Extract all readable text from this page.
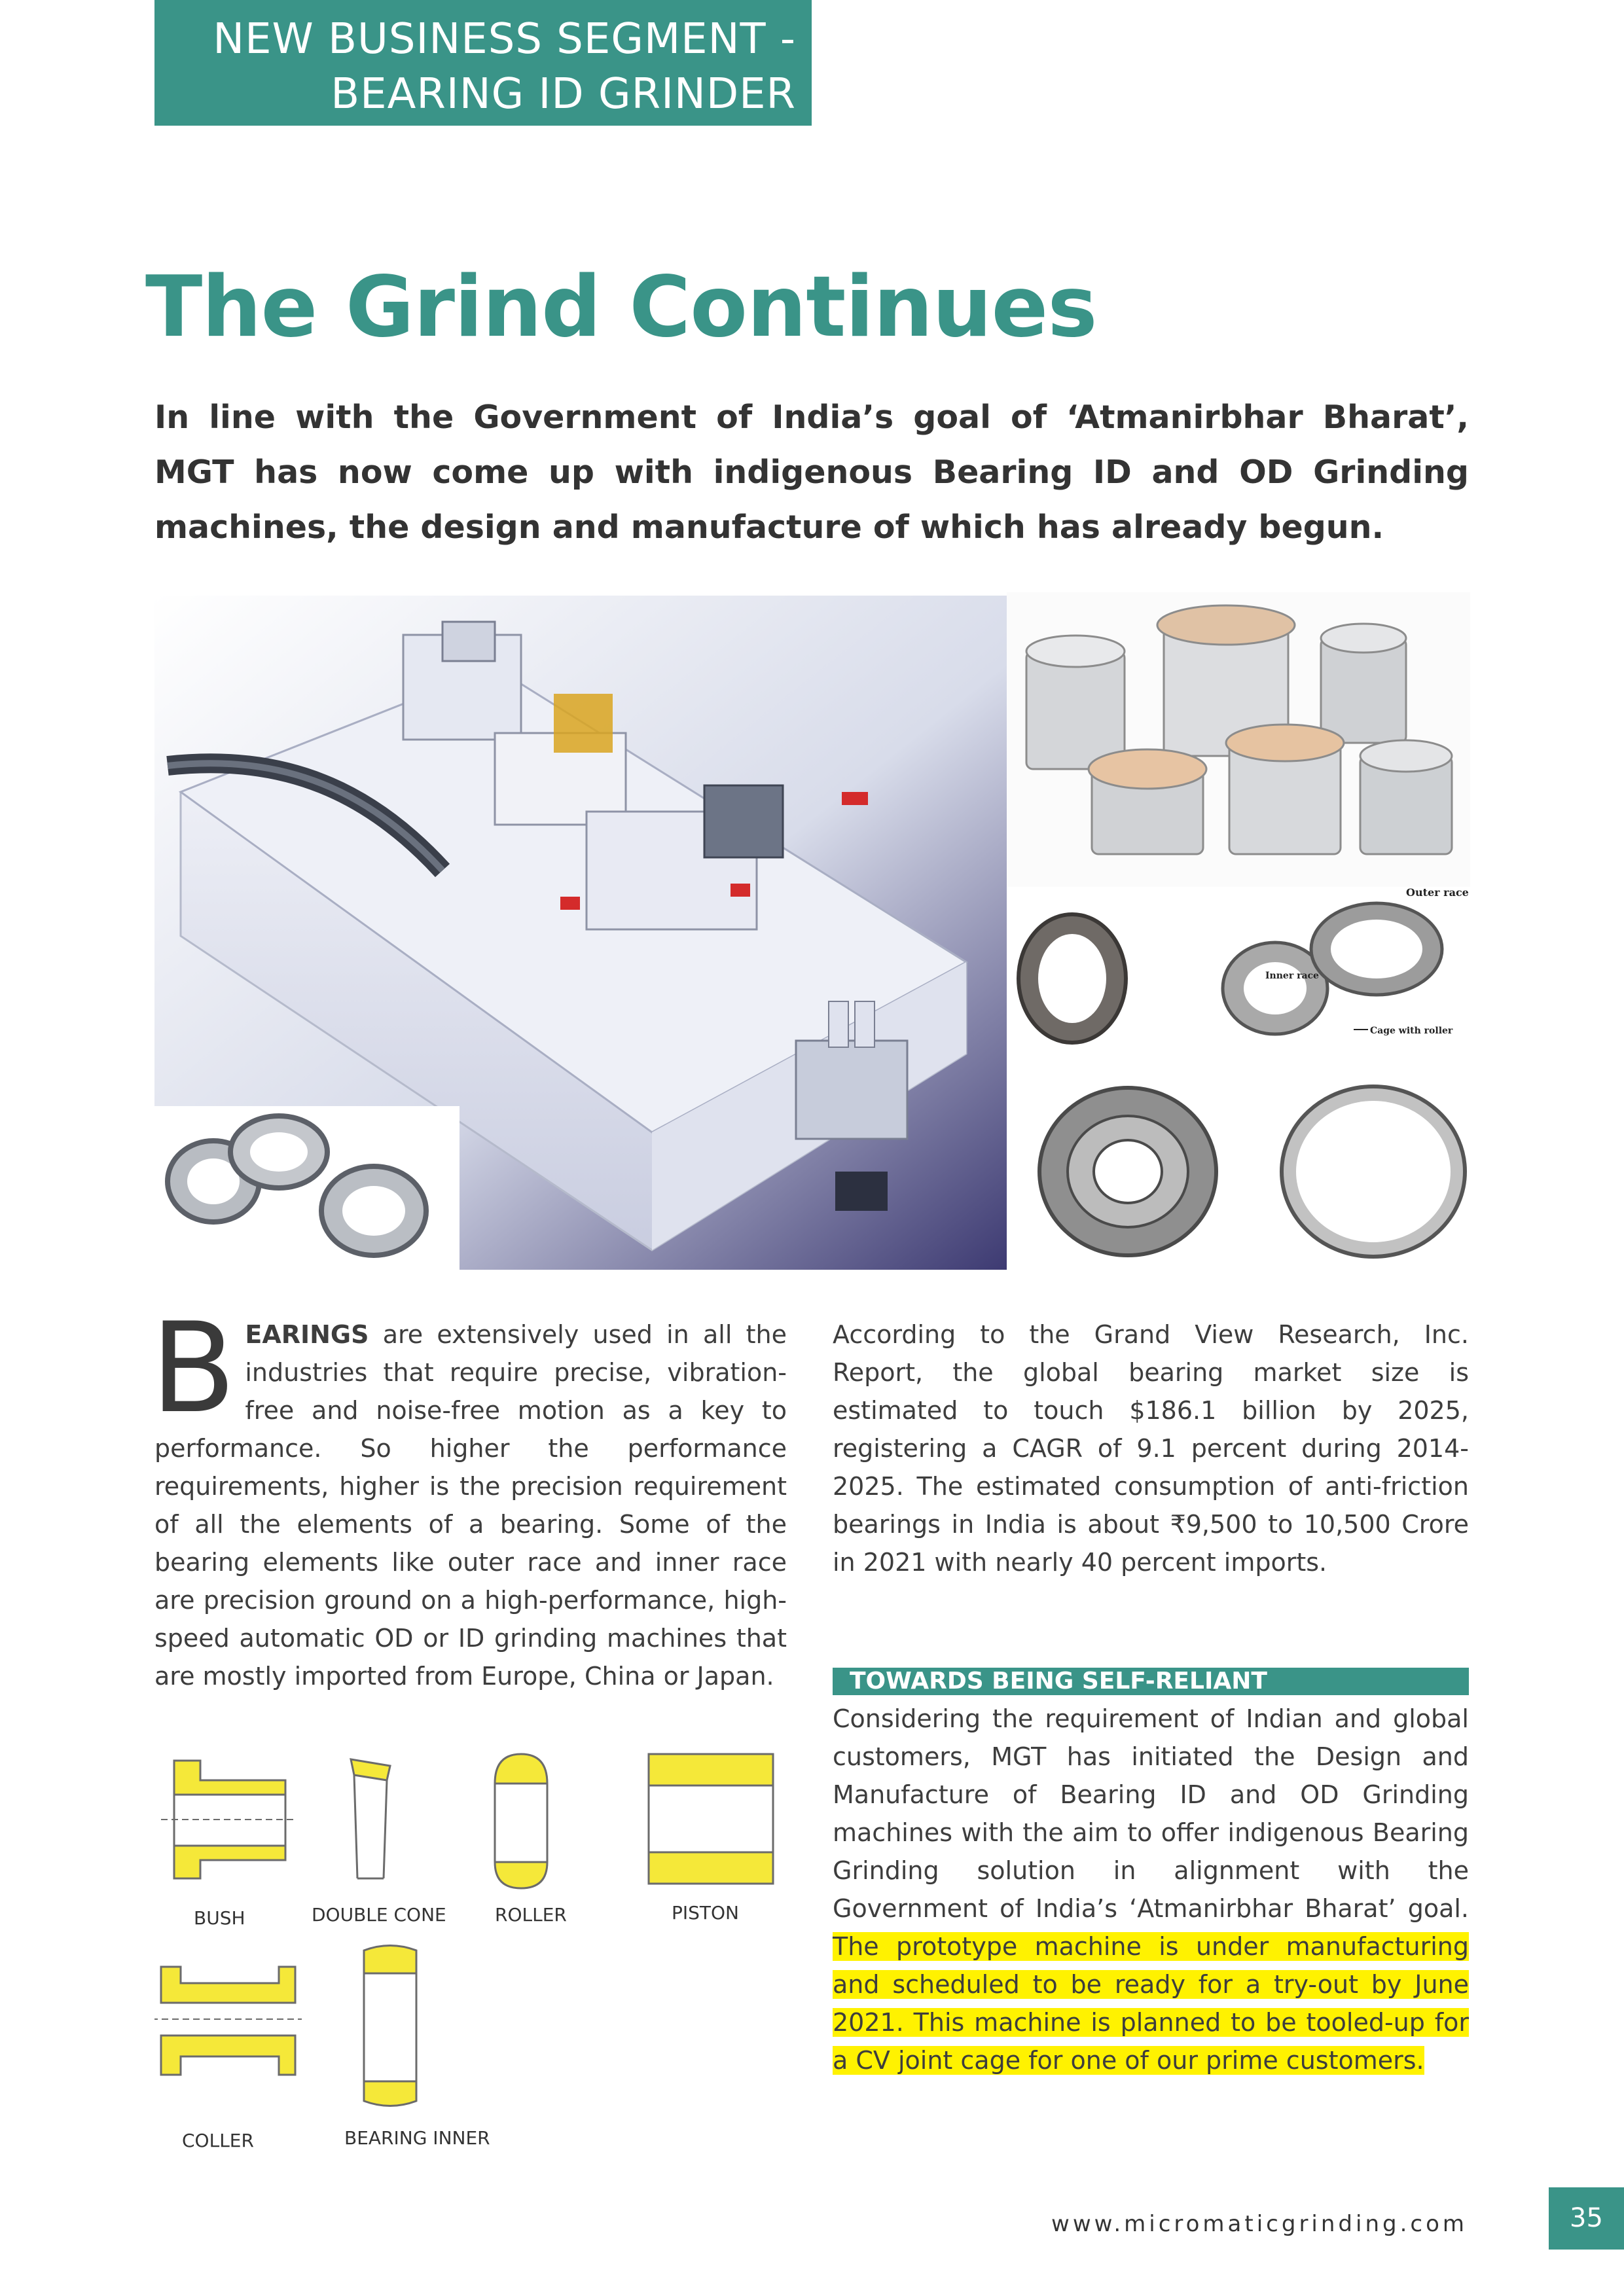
NEW BUSINESS SEGMENT -
BEARING ID GRINDER
The Grind Continues

In line with the Government of India’s goal of ‘Atmanirbhar Bharat’, MGT has now come up with indigenous Bearing ID and OD Grinding machines, the design and manufacture of which has already begun.

Outer race
Inner race
Cage with roller
BEARINGS are extensively used in all the industries that require precise, vibration-free and noise-free motion as a key to performance. So higher the performance requirements, higher is the precision requirement of all the elements of a bearing. Some of the bearing elements like outer race and inner race are precision ground on a high-performance, high-speed automatic OD or ID grinding machines that are mostly imported from Europe, China or Japan.
BUSH	DOUBLE CONE	ROLLER	PISTON
COLLER	BEARING INNER

According to the Grand View Research, Inc. Report, the global bearing market size is estimated to touch $186.1 billion by 2025, registering a CAGR of 9.1 percent during 2014-2025. The estimated consumption of anti-friction bearings in India is about ₹9,500 to 10,500 Crore in 2021 with nearly 40 percent imports.

TOWARDS BEING SELF-RELIANT
Considering the requirement of Indian and global customers, MGT has initiated the Design and Manufacture of Bearing ID and OD Grinding machines with the aim to offer indigenous Bearing Grinding solution in alignment with the Government of India’s ‘Atmanirbhar Bharat’ goal. The prototype machine is under manufacturing and scheduled to be ready for a try-out by June 2021. This machine is planned to be tooled-up for a CV joint cage for one of our prime customers.
www.micromaticgrinding.com	35
